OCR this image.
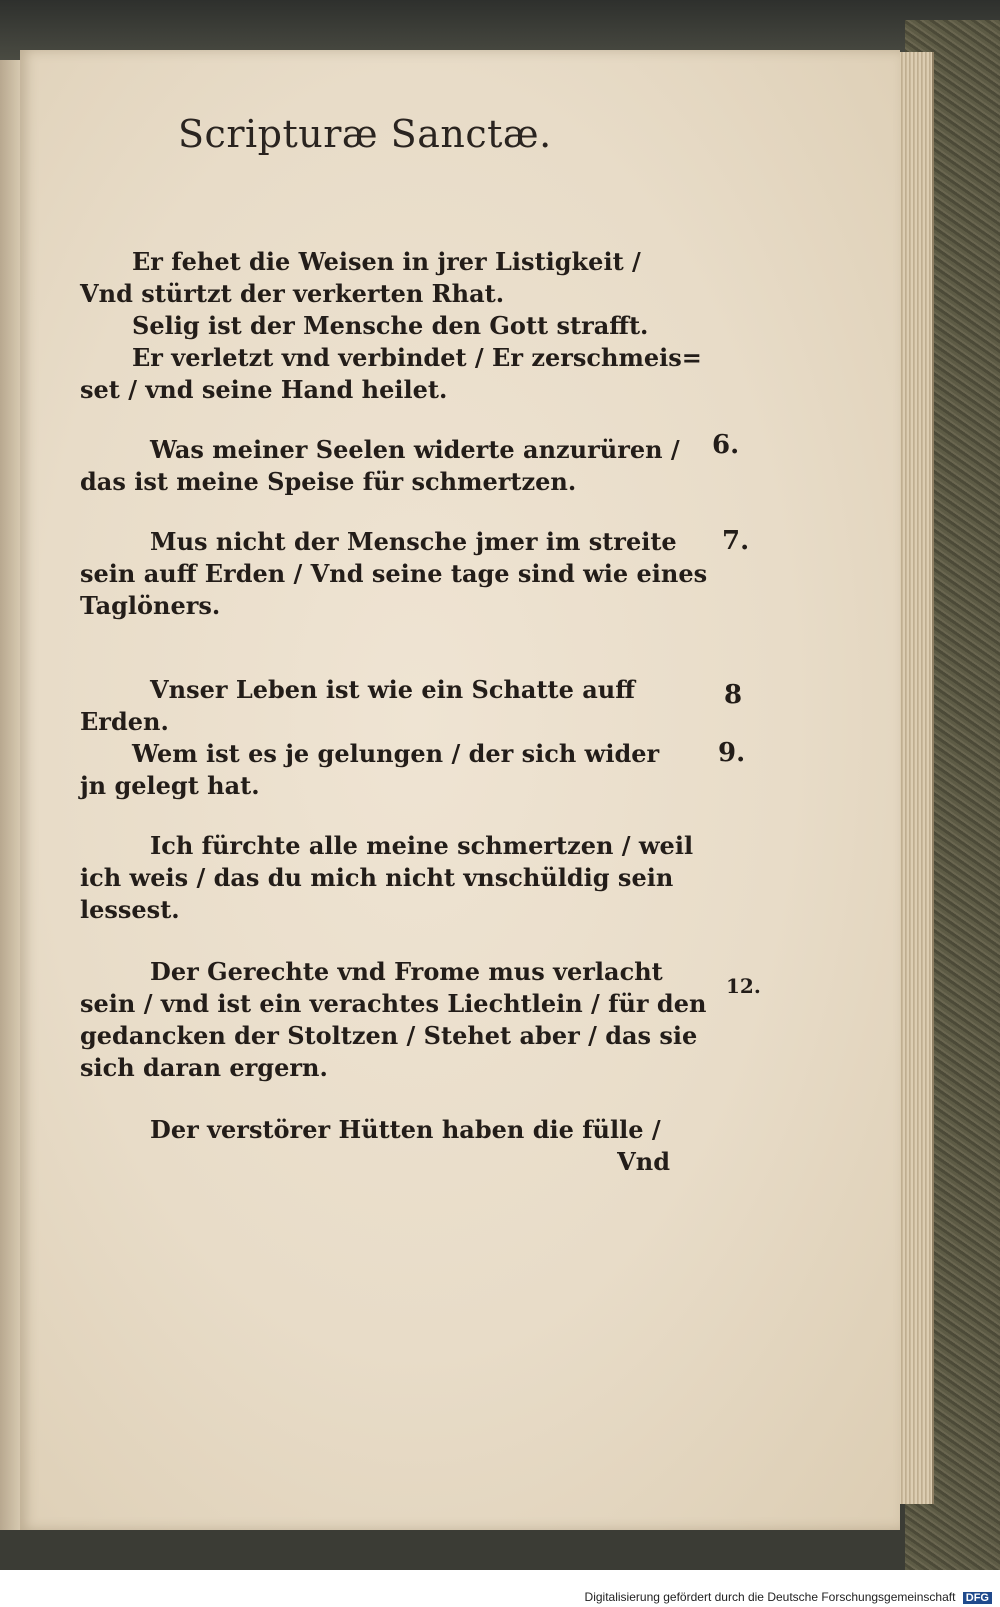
Scripturæ Sanctæ.
Er fehet die Weisen in jrer Listigkeit /
Vnd stürtzt der verkerten Rhat.
Selig ist der Mensche den Gott strafft.
Er verletzt vnd verbindet / Er zerschmeis=
set / vnd seine Hand heilet.
Was meiner Seelen widerte anzurüren /
das ist meine Speise für schmertzen.
Mus nicht der Mensche jmer im streite
sein auff Erden / Vnd seine tage sind wie eines
Taglöners.
Vnser Leben ist wie ein Schatte auff
Erden.
Wem ist es je gelungen / der sich wider
jn gelegt hat.
Ich fürchte alle meine schmertzen / weil
ich weis / das du mich nicht vnschüldig sein
lessest.
Der Gerechte vnd Frome mus verlacht
sein / vnd ist ein verachtes Liechtlein / für den
gedancken der Stoltzen / Stehet aber / das sie
sich daran ergern.
Der verstörer Hütten haben die fülle /
Vnd
6.
7.
8
9.
12.
Digitalisierung gefördert durch die Deutsche Forschungsgemeinschaft DFG
